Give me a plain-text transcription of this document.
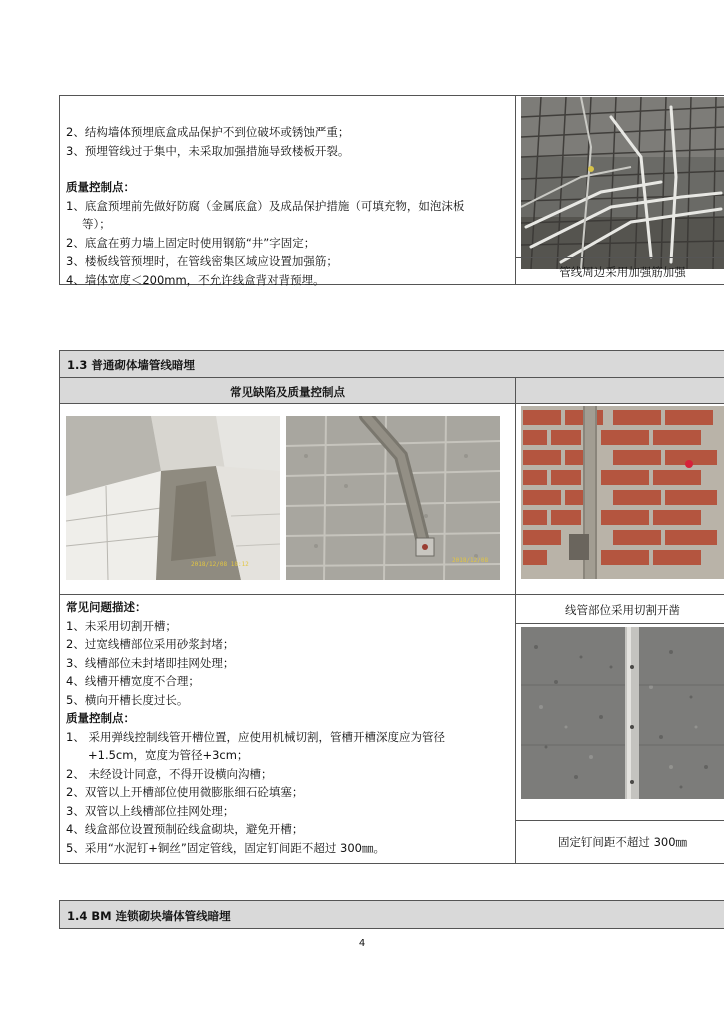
2、结构墙体预埋底盒成品保护不到位破坏或锈蚀严重；

3、预埋管线过于集中，未采取加强措施导致楼板开裂。

质量控制点：

1、底盒预埋前先做好防腐（金属底盒）及成品保护措施（可填充物，如泡沫板

等）；

2、底盒在剪力墙上固定时使用钢筋“井”字固定；

3、楼板线管预埋时，在管线密集区域应设置加强筋；

4、墙体宽度＜200mm，不允许线盒背对背预埋。

管线周边采用加强筋加强
1.3 普通砌体墙管线暗埋
常见缺陷及质量控制点
2018/12/08 18:12
2018/12/08

常见问题描述：

1、未采用切割开槽；

2、过宽线槽部位采用砂浆封堵；

3、线槽部位未封堵即挂网处理；

4、线槽开槽宽度不合理；

5、横向开槽长度过长。

质量控制点：

1、 采用弹线控制线管开槽位置，应使用机械切割，管槽开槽深度应为管径

+1.5cm，宽度为管径+3cm；

2、 未经设计同意，不得开设横向沟槽；

2、双管以上开槽部位使用微膨胀细石砼填塞；

3、双管以上线槽部位挂网处理；

4、线盒部位设置预制砼线盒砌块，避免开槽；

5、采用“水泥钉+铜丝”固定管线，固定钉间距不超过 300㎜。

线管部位采用切割开凿
固定钉间距不超过 300㎜
1.4 BM 连锁砌块墙体管线暗埋
4
